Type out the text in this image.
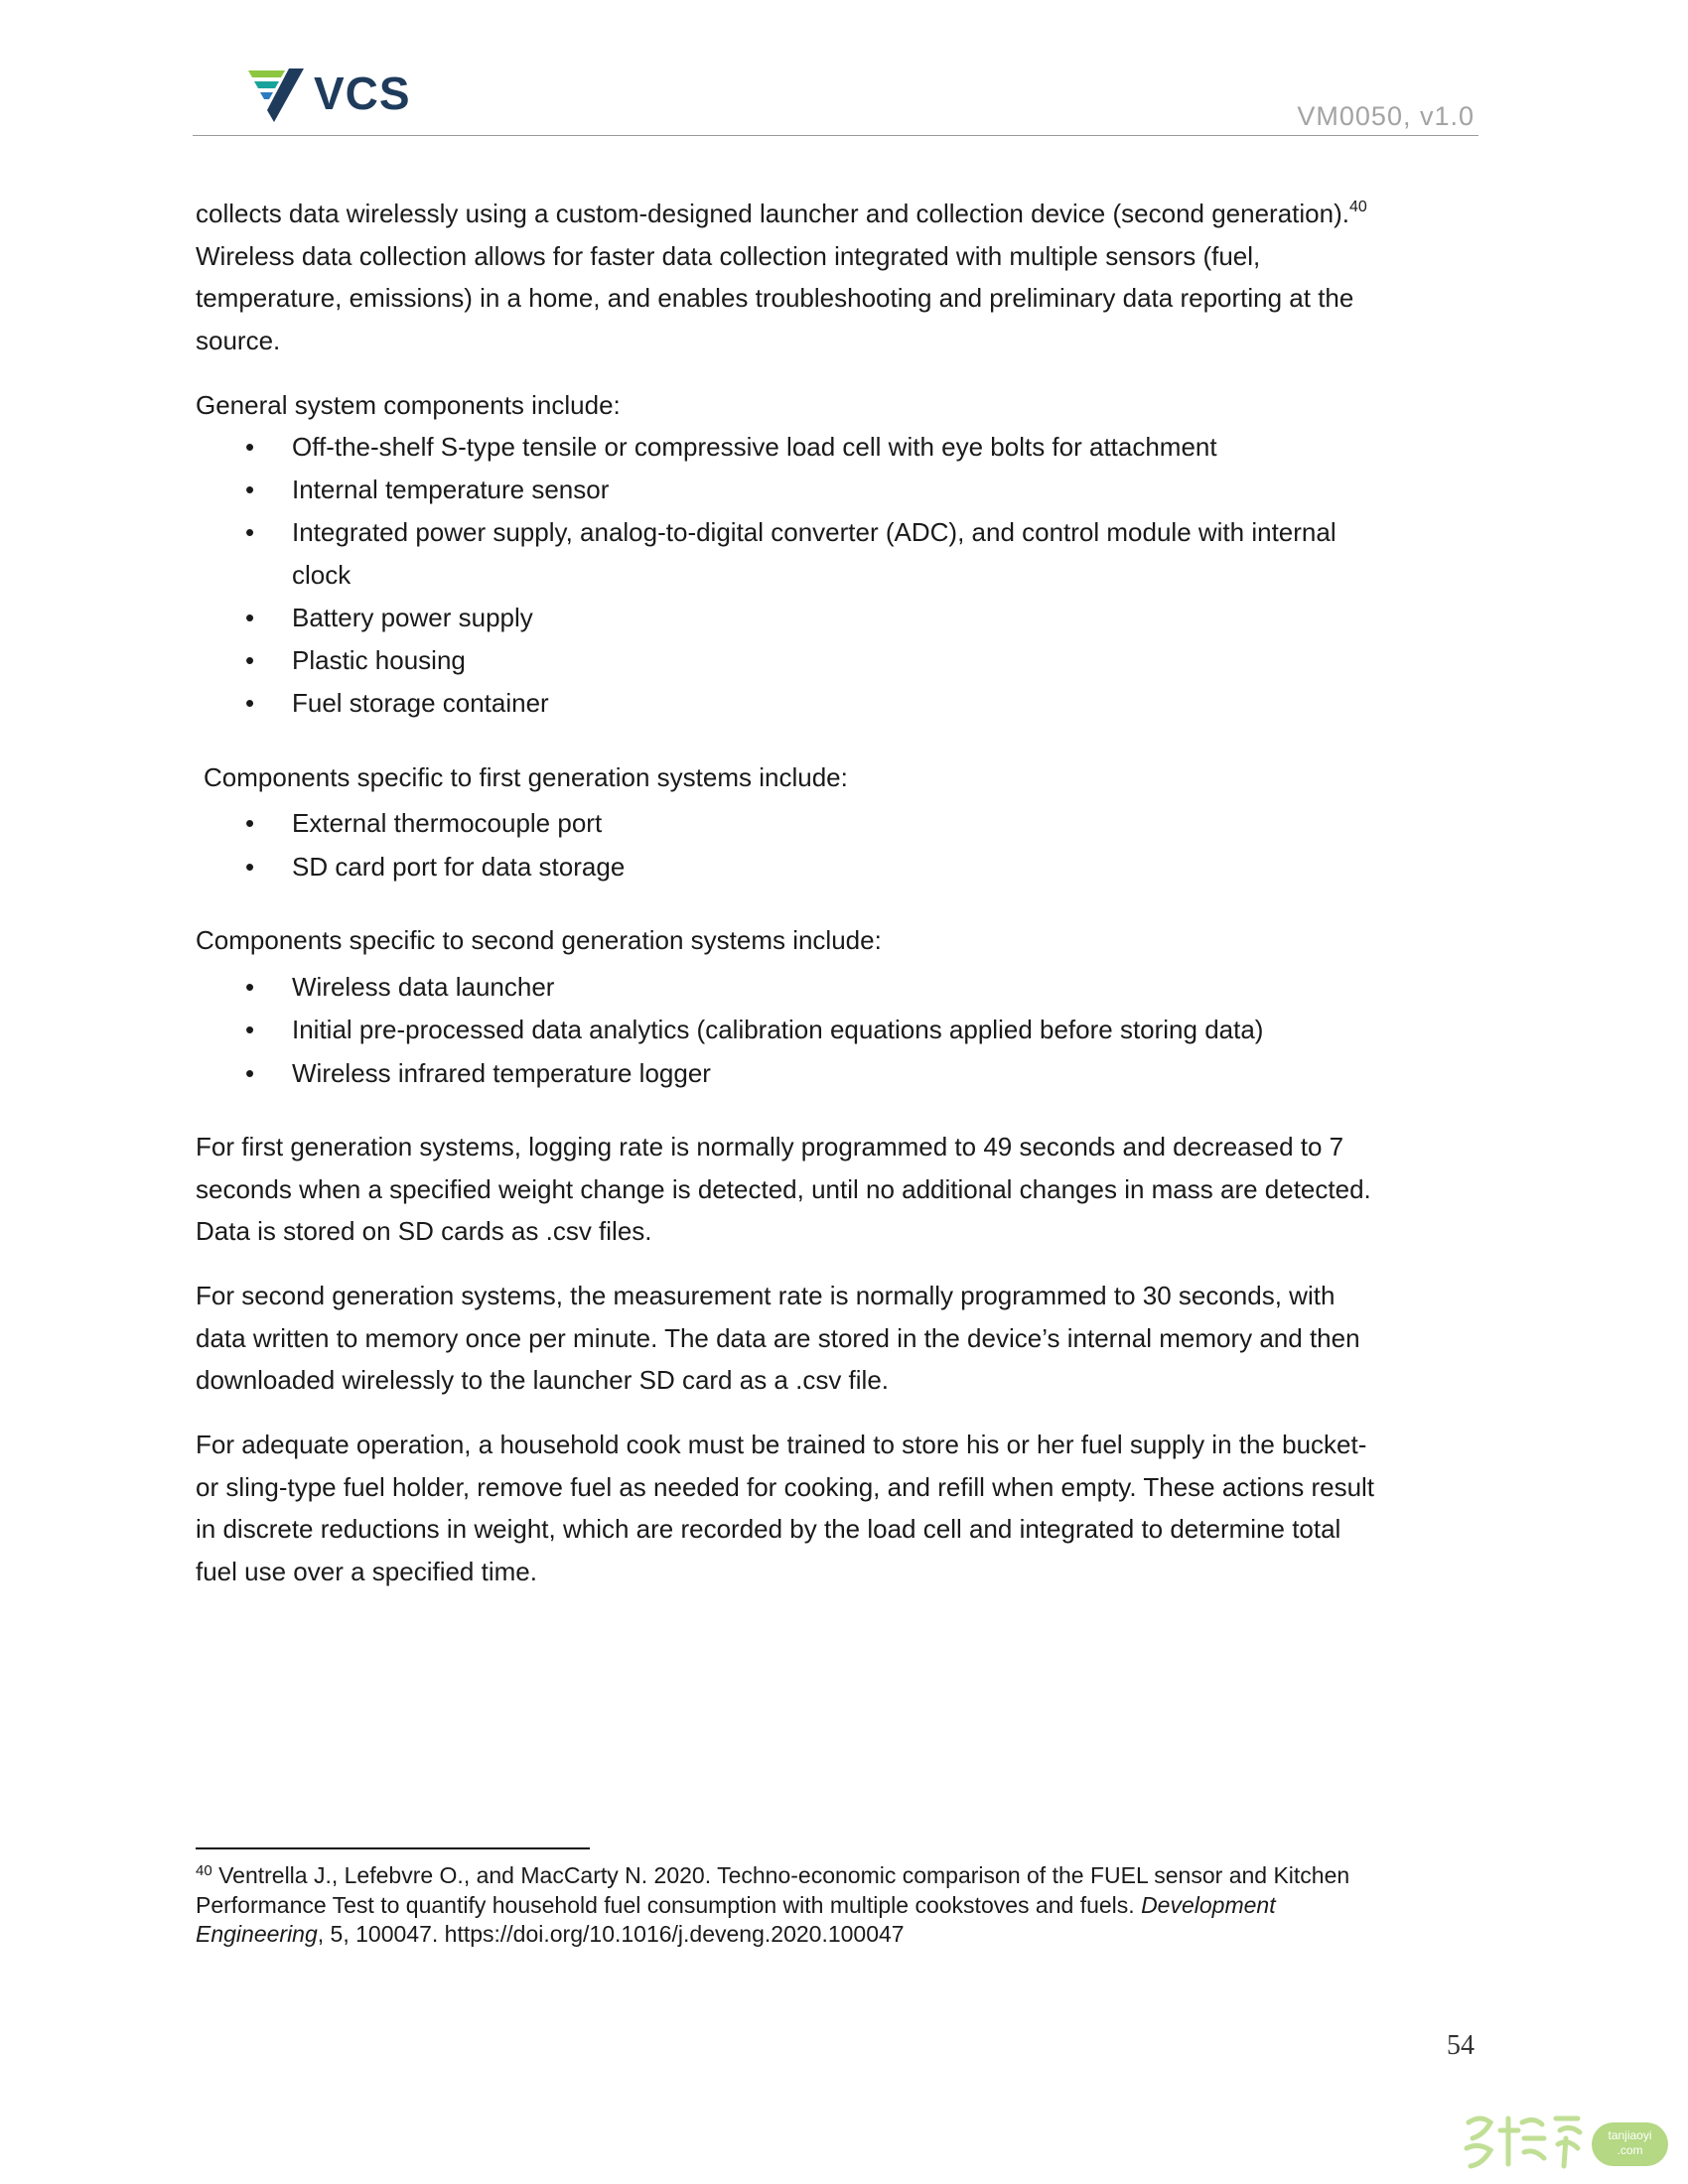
VCS	VM0050, v1.0
collects data wirelessly using a custom-designed launcher and collection device (second generation).$^{40}$
Wireless data collection allows for faster data collection integrated with multiple sensors (fuel,
temperature, emissions) in a home, and enables troubleshooting and preliminary data reporting at the
source.
General system components include:
• Off-the-shelf S-type tensile or compressive load cell with eye bolts for attachment
• Internal temperature sensor
• Integrated power supply, analog-to-digital converter (ADC), and control module with internal
clock
• Battery power supply
• Plastic housing
• Fuel storage container
Components specific to first generation systems include:
• External thermocouple port
• SD card port for data storage
Components specific to second generation systems include:
• Wireless data launcher
• Initial pre-processed data analytics (calibration equations applied before storing data)
• Wireless infrared temperature logger
For first generation systems, logging rate is normally programmed to 49 seconds and decreased to 7
seconds when a specified weight change is detected, until no additional changes in mass are detected.
Data is stored on SD cards as .csv files.
For second generation systems, the measurement rate is normally programmed to 30 seconds, with
data written to memory once per minute. The data are stored in the device’s internal memory and then
downloaded wirelessly to the launcher SD card as a .csv file.
For adequate operation, a household cook must be trained to store his or her fuel supply in the bucket-
or sling-type fuel holder, remove fuel as needed for cooking, and refill when empty. These actions result
in discrete reductions in weight, which are recorded by the load cell and integrated to determine total
fuel use over a specified time.
$^{40}$ Ventrella J., Lefebvre O., and MacCarty N. 2020. Techno-economic comparison of the FUEL sensor and Kitchen
Performance Test to quantify household fuel consumption with multiple cookstoves and fuels. Development
Engineering, 5, 100047. https://doi.org/10.1016/j.deveng.2020.100047
54
tanjiaoyi
.com
